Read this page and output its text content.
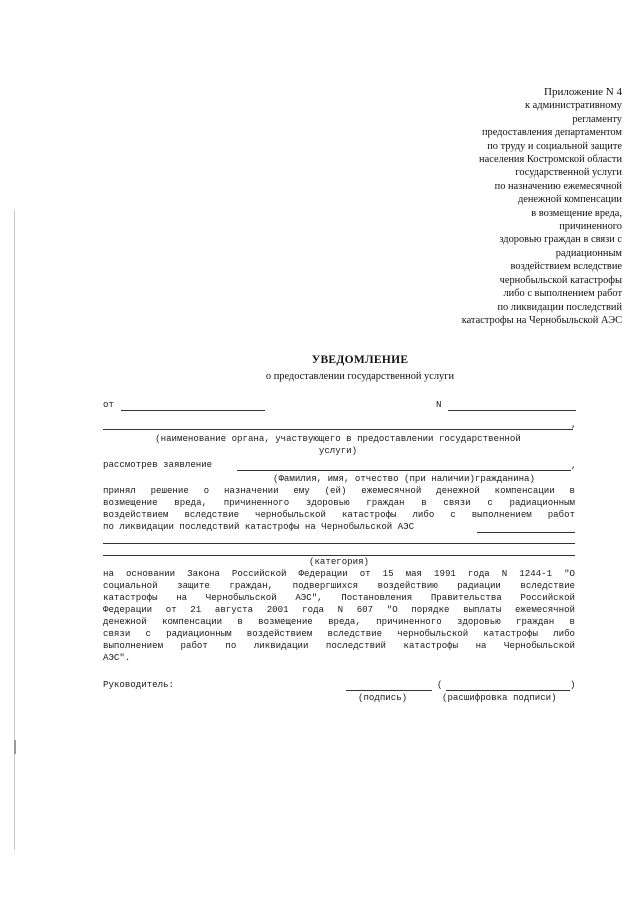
Приложение N 4
к административному
регламенту
предоставления департаментом
по труду и социальной защите
населения Костромской области
государственной услуги
по назначению ежемесячной
денежной компенсации
в возмещение вреда,
причиненного
здоровью граждан в связи с
радиационным
воздействием вследствие
чернобыльской катастрофы
либо с выполнением работ
по ликвидации последствий
катастрофы на Чернобыльской АЭС
УВЕДОМЛЕНИЕ
о предоставлении государственной услуги
от	N
,
(наименование органа, участвующего в предоставлении государственной
услуги)
рассмотрев заявление	,
(Фамилия, имя, отчество (при наличии)гражданина)
принял решение о назначении ему (ей) ежемесячной денежной компенсации в
возмещение вреда, причиненного здоровью граждан в связи с радиационным
воздействием вследствие чернобыльской катастрофы либо с выполнением работ
по ликвидации последствий катастрофы на Чернобыльской АЭС
(категория)
на основании Закона Российской Федерации от 15 мая 1991 года N 1244-1 "О
социальной защите граждан, подвергшихся воздействию радиации вследствие
катастрофы на Чернобыльской АЭС", Постановления Правительства Российской
Федерации от 21 августа 2001 года N 607 "О порядке выплаты ежемесячной
денежной компенсации в возмещение вреда, причиненного здоровью граждан в
связи с радиационным воздействием вследствие чернобыльской катастрофы либо
выполнением работ по ликвидации последствий катастрофы на Чернобыльской
АЭС".
Руководитель:	(	)
(подпись)	(расшифровка подписи)
